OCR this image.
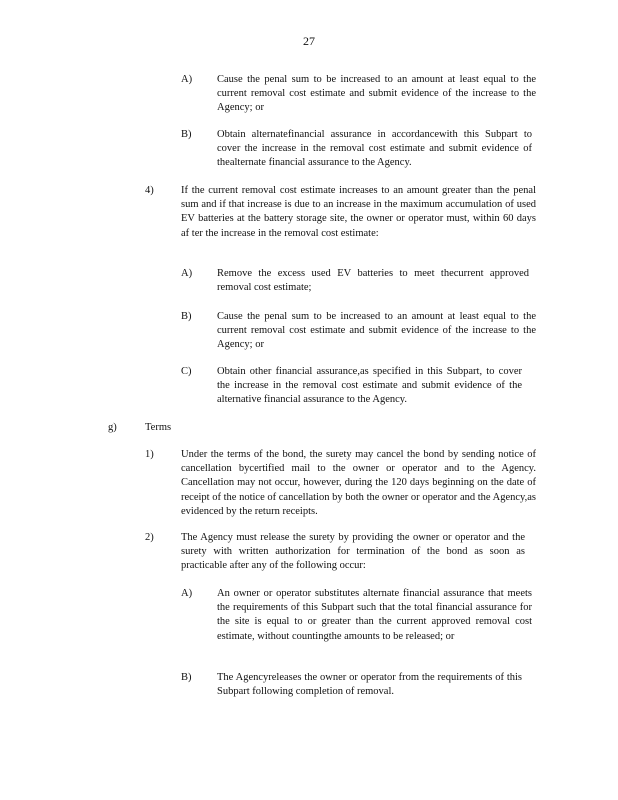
27
A) Cause the penal sum to be increased to an amount at least equal to the current removal cost estimate and submit evidence of the increase to the Agency; or
B) Obtain alternatefinancial assurance in accordancewith this Subpart to cover the increase in the removal cost estimate and submit evidence of thealternate financial assurance to the Agency.
4)	If the current removal cost estimate increases to an amount greater than the penal sum and if that increase is due to an increase in the maximum accumulation of used EV batteries at the battery storage site, the owner or operator must, within 60 days af ter the increase in the removal cost estimate:
A) Remove the excess used EV batteries to meet thecurrent approved removal cost estimate;
B) Cause the penal sum to be increased to an amount at least equal to the current removal cost estimate and submit evidence of the increase to the Agency; or
C) Obtain other financial assurance,as specified in this Subpart, to cover the increase in the removal cost estimate and submit evidence of the alternative financial assurance to the Agency.
g)	Terms
1)	Under the terms of the bond, the surety may cancel the bond by sending notice of cancellation bycertified mail to the owner or operator and to the Agency. Cancellation may not occur, however, during the 120 days beginning on the date of receipt of the notice of cancellation by both the owner or operator and the Agency,as evidenced by the return receipts.
2)	The Agency must release the surety by providing the owner or operator and the surety with written authorization for termination of the bond as soon as practicable after any of the following occur:
A) An owner or operator substitutes alternate financial assurance that meets the requirements of this Subpart such that the total financial assurance for the site is equal to or greater than the current approved removal cost estimate, without countingthe amounts to be released; or
B) The Agencyreleases the owner or operator from the requirements of this Subpart following completion of removal.
